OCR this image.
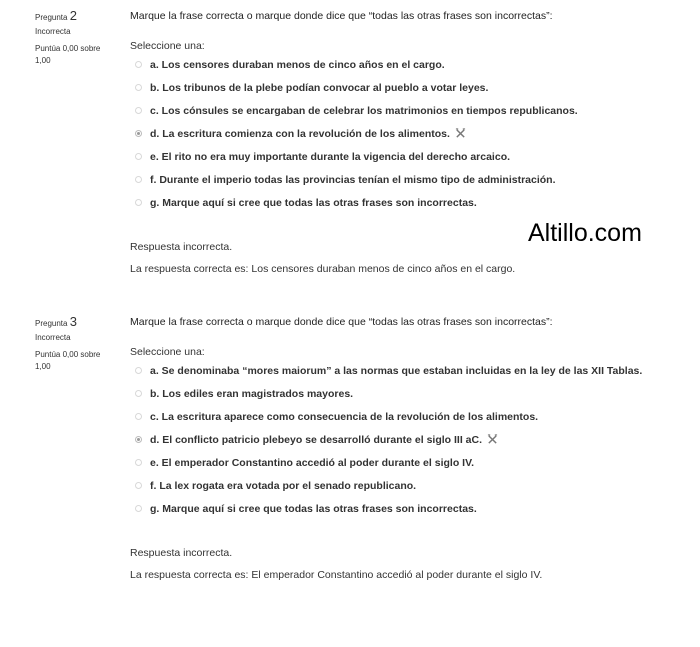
Pregunta 2
Incorrecta
Puntúa 0,00 sobre 1,00
Marque la frase correcta o marque donde dice que “todas las otras frases son incorrectas”:
Seleccione una:
a. Los censores duraban menos de cinco años en el cargo.
b. Los tribunos de la plebe podían convocar al pueblo a votar leyes.
c. Los cónsules se encargaban de celebrar los matrimonios en tiempos republicanos.
d. La escritura comienza con la revolución de los alimentos.
e. El rito no era muy importante durante la vigencia del derecho arcaico.
f. Durante el imperio todas las provincias tenían el mismo tipo de administración.
g. Marque aquí si cree que todas las otras frases son incorrectas.
Respuesta incorrecta.
La respuesta correcta es: Los censores duraban menos de cinco años en el cargo.
Pregunta 3
Incorrecta
Puntúa 0,00 sobre 1,00
Marque la frase correcta o marque donde dice que “todas las otras frases son incorrectas”:
Seleccione una:
a. Se denominaba “mores maiorum” a las normas que estaban incluidas en la ley de las XII Tablas.
b. Los ediles eran magistrados mayores.
c. La escritura aparece como consecuencia de la revolución de los alimentos.
d. El conflicto patricio plebeyo se desarrolló durante el siglo III aC.
e. El emperador Constantino accedió al poder durante el siglo IV.
f. La lex rogata era votada por el senado republicano.
g. Marque aquí si cree que todas las otras frases son incorrectas.
Respuesta incorrecta.
La respuesta correcta es: El emperador Constantino accedió al poder durante el siglo IV.
Altillo.com
